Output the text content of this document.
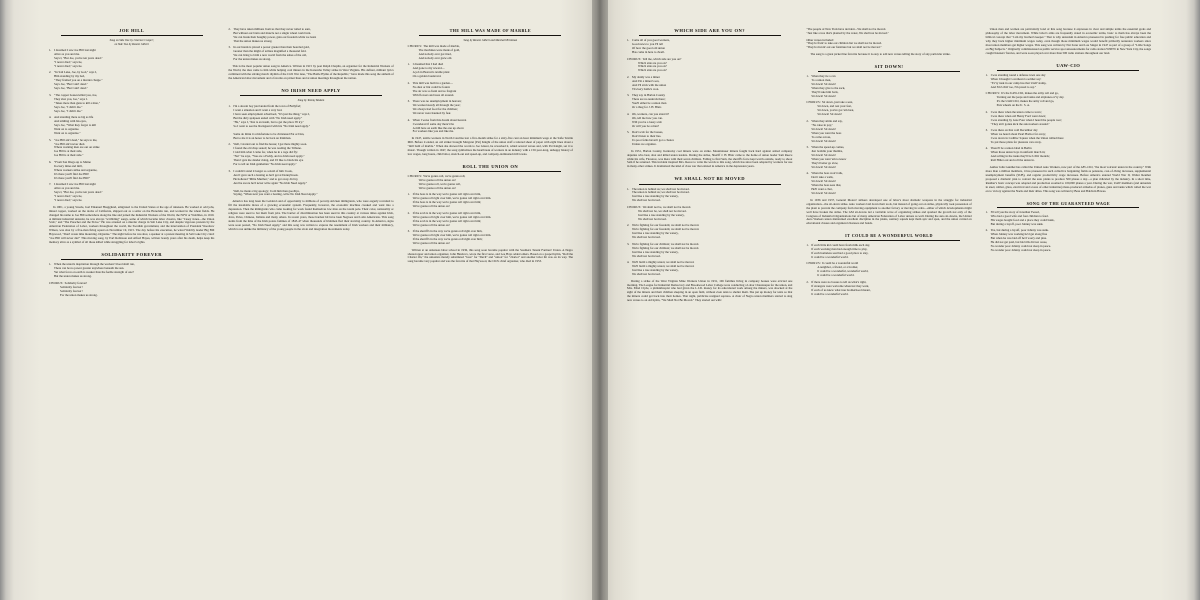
JOE HILL
Song on Side One by Clarence Cooper;
on Side Two by Ronnie Gilbert
1. I dreamed I saw Joe Hill last night
Alive as you and me.
Says I, "But Joe, you're ten years dead."
"I never died," says he,
"I never died," says he.
2. "In Salt Lake, Joe, by God," says I,
Him standing by my bed,
"They framed you on a murder charge."
Says Joe, "But I ain't dead."
Says Joe, "But I ain't dead."
3. "The copper bosses killed you, Joe,
They shot you, Joe," says I.
"Takes more than guns to kill a man,"
Says Joe, "I didn't die."
Says Joe, "I didn't die."
4. And standing there as big as life
And smiling with his eyes,
Says Joe, "What they forgot to kill
Went on to organize.
Went on to organize."
5. "Joe Hill ain't dead," he says to me,
"Joe Hill ain't never died.
Where working men are out on strike
Joe Hill is at their side,
Joe Hill is at their side."
6. "From San Diego up to Maine
In every mine and mill,
Where workers strike and organize,
It's there you'll find Joe Hill!
It's there you'll find Joe Hill!"
7. I dreamed I saw Joe Hill last night
Alive as you and me.
Says I, "But Joe, you're ten years dead."
"I never died," says he,
"I never died," says he.

In 1901, a young Swede, Joel Emanuel Haagglund, emigrated to the United States at the age of nineteen. He worked at odd jobs, mined copper, worked on the docks of California, shipped out as a sailor on the Honolulu run, and worked in the wheat fields. He changed his name to Joe Hill somewhere along the line and joined the Industrial Workers of the World, the IWW or Wobblies, in 1910. A militant industrial unionist, he was always "scribbling" songs, some of which became labor classics, like "Casey Jones—the Union Scab," and "The Preacher and the Slave." He was arrested on a murder charge in Salt Lake City, and despite vigorous protests by the American Federation of Labor, workers throughout the world, the Swedish government, and the intervention of President Woodrow Wilson, was shot by a five-man firing squad on November 19, 1915. The day before his execution, he wired Wobbly leader Big Bill Haywood, "Don't waste time mourning. Organize." The night before he was shot, a speaker at a protest meeting in Salt Lake City cried: "Joe Hill will never die!" This moving song, by Earl Robinson and Alfred Hayes, written twenty years after his death, helps keep his memory alive as a symbol of all those killed while struggling for labor's rights.

SOLIDARITY FOREVER
1. When the union's inspiration through the workers' blood shall run,
There can be no power greater anywhere beneath the sun.
Yet what force on earth is weaker than the feeble strength of one?
But the union makes us strong.
CHORUS: Solidarity forever!
Solidarity forever!
Solidarity forever!
For the union makes us strong.
2. They have taken millions from us that they never toiled to earn,
But without our brain and muscle not a single wheel could turn.
We can break their haughty power, gain our freedom while we learn
That the union makes us strong.
3. In our hands is placed a power greater than their hoarded gold,
Greater than the might of armies magnified a thousand fold.
We can bring to birth a new world from the ashes of the old,
For the union makes us strong.

This is the most popular union song in America. Written in 1915 by poet Ralph Chaplin, an organizer for the Industrial Workers of the World, the idea came to him while helping coal miners in the Kanawha Valley strike in West Virginia. His defiant, militant lyrics combined with the stirring march rhythm of the Civil War tune, "The Battle Hymn of the Republic," have made this song the anthem of the American labor movement and a favorite on picket lines and at union meetings throughout the nation.

NO IRISH NEED APPLY
Sung by Tommy Makem
1. I'm a decent boy just landed from the town of Ballyfad;
I want a situation and I want a very bad.
I have seen employment advertised, "It's just the thing," says I,
But the dirty spalpeen ended with "No Irish need apply."
"Ha," says I, "that is an insult, but to get the place I'll try."
So I went to see the blackguard with his "No Irish need apply."

Some do think it a misfortune to be christened Pat or Dan,
But to me it is an honor to be born an Irishman.
2. Well, I started out to find the house; I got there mighty soon.
I found the old chap seated; he was reading the Tribune.
I told him what I came for, when he in a rage did fly:
"No!" he says, "You are a Paddy, and no Irish need apply."
Then I gets me dander rising, and I'd like to black his eye
For to tell an Irish gentleman "No Irish need apply."
3. I couldn't stand it longer so a-hold of him I took,
And I gave such a beating as he'd get at Donnybrook.
He hollered "Milia Murther," and to get away did try,
And he swore he'd never write again "No Irish Need Apply."

Well, he made a big apology; I told him then goodbye,
Saying, "When next you want a beating, write No Irish Need Apply."

America has long been the Golden Land of opportunity to millions of poverty-stricken immigrants, who were eagerly recruited to fill the insatiable maws of a growing economic system. Frequently, however, the economic machine creaked and went into a depression. Then the immigrants who came looking for work found themselves low man on the totem pole. Their color, nationality or religion were used to bar them from jobs. The barrier of discrimination has been used in this country at various times against Irish, Jews, Poles, Chinese, Italians and many others. In recent years, those hardest hit have been Negroes and Latin Americans. This song stems from the time of the Irish potato famines of 1845-47 when thousands of Irishmen fled their starving country. In America, signs were soon posted, "No Irish Need Apply," and this song was written to express the resentment of Irish workers and their militancy, which is not unlike the militancy of the young people in the sit-in and integration movements today.

THE MILL WAS MADE OF MARBLE
Sung by Ronnie Gilbert and Marshall Brickman
CHORUS: The mill was made of marble,
The machines were made of gold,
And nobody ever got tired,
And nobody ever grew old.
1. I dreamed that I had died
And gone to my reward—
A job in Heaven's textile plant
On a golden boulevard.
2. This mill was built in a garden—
No dust or lint could be found.
The air was so fresh and so fragrant
With flowers and trees all around.
3. There was no unemployment in heaven;
We worked steady all through the year;
We always had food for the children;
We never were haunted by fear.
4. When I woke from this dream about heaven
I wondered if some day there'd be
A mill here on earth like the one up above
For workers like you and like me.

In 1947, textile workers in North Carolina lost a five-month strike for a sixty-five cent an hour minimum wage at the Safie Textile Mill. Before it ended, an old striker brought Margaret (Pat) Knight of the union staff a tattered sheet of paper with eight lines about a "mill built of marble." When she showed the words to Joe Glazer, he reworked it, added several verses and, with Pat Knight, set it to music. Though written in 1947, the song symbolizes the heartbreak of workers in an industry with a 150-year-long, unhappy history of low wages, long hours, child labor, stretch-out and speed-up, and company-dominated mill towns.

ROLL THE UNION ON
CHORUS: We're gonna roll, we're gonna roll,
We're gonna roll the union on!
We're gonna roll, we're gonna roll,
We're gonna roll the union on!
1. If the boss is in the way we're gonna roll right over him,
We're gonna roll right over him, we're gonna roll right over him.
If the boss is in the way we're gonna roll right over him;
We're gonna roll the union on!
2. If the scab is in the way we're gonna roll right over him,
We're gonna roll right over him, we're gonna roll right over him.
If the scab is in the way we're gonna roll right over him;
We're gonna roll the union on!
3. If the sheriff's in the way we're gonna roll right over him,
We're gonna roll right over him, we're gonna roll right over him.
If the sheriff's in the way we're gonna roll right over him;
We're gonna roll the union on!

Written at an Arkansas labor school in 1936, this song soon became popular with the Southern Tenant Farmers' Union. A Negro sharecropper and union organizer, John Handcox, wrote the first verse, and Lee Hays added others. Based on a gospel hymn, "Roll the Chariot On," the unionists merely substituted "boss" for "Devil" and "union" for "chariot" and another labor hit was on its way. The song became very popular and was the favorite of that Haywood, the CIO's chief organizer, who died in 1953.

WHICH SIDE ARE YOU ON?
1. Come all of you good workers,
Good news to you I'll tell
Of how the good old union
Has come in here to dwell.
CHORUS: Tell me, which side are you on?
Which side are you on?
Which side are you on?
Which side are you on?
2. My daddy was a miner
And I'm a miner's son,
And I'll stick with the union
Til every battle's won.
3. They say in Harlan County
There are no neutrals there;
You'll either be a union man
Or a thug for J. H. Blair.
4. Oh, workers, can you stand it?
Oh, tell me how you can.
Will you be a lousy scab
Or will you be a man?
5. Don't scab for the bosses,
Don't listen to their lies.
Us poor folks haven't got a chance
Unless we organize.

In 1931, Harlan County, Kentucky coal miners were on strike. Mountaineer miners fought back hard against armed company deputies who beat, shot and killed union leaders. During the strike, Sheriff J. H. Blair came to the home of union leader Sam Reece while his wife, Florence, was there with their seven children. Failing to find Sam, the sheriff's force kept watch outside, ready to shoot Sam if he returned. This incident inspired Mrs. Reece to write the words to this song, which has since been adapted by workers for use in many other strikes. It dramatized the kind of class war that existed in America in the depression years.

WE SHALL NOT BE MOVED
1. The union is behind us; we shall not be moved.
The union is behind us; we shall not be moved.
Just like a tree standing by the watery,
We shall not be moved.
CHORUS: We shall not be, we shall not be moved.
We shall not be, we shall not be moved.
Just like a tree standing by the watery,
We shall not be moved.
2. We're fighting for our freedom; we shall not be moved.
We're fighting for our freedom; we shall not be moved.
Just like a tree standing by the watery,
We shall not be moved.
3. We're fighting for our children; we shall not be moved.
We're fighting for our children; we shall not be moved.
Just like a tree standing by the watery,
We shall not be moved.
4. We'll build a mighty union; we shall not be moved.
We'll build a mighty union; we shall not be moved.
Just like a tree standing by the watery,
We shall not be moved.

During a strike of the West Virginia Mine Workers Union in 1931, 106 families living in company houses were evicted one morning. The League for Industrial Democracy and Brookwood Labor College were conducting a Labor Chautauqua for the union, and Mrs. Ethel Clyde, a philanthropist who had given the L.I.D. money for its educational work among the miners, was shocked at the sight of the miners and their children sleeping in an open field, without even tents to shelter them. She put up money for tents so that the miners could get back into their homes. That night, publicize resigned soprano. A choir of Negro union members started to sing new verses to an old hymn, "We Shall Not Be Moved." They started out with:

"The people of New York have decided—We shall not be moved.
"Just like a tree that's planted by the water, We shall not be moved."
Other verses included:
"They're fixin' to take our children but we shall not be moved.
"They're movin' out our furniture but we shall not be moved."

The song is a great picket line favorite because it is easy to add new verses telling the story of any particular strike.

SIT DOWN!
1. When they tie a can
To a union man,
Sit down! Sit down!
When they give to the sack,
They'll take him back,
Sit down! Sit down!
CHORUS: Sit down, just take a seat,
Sit down, and rest your feet,
Sit down, you've got 'em beat,
Sit down! Sit down!
2. When they smile and say,
"No raise in pay,"
Sit down! Sit down!
When you want the boss
To come across,
Sit down! Sit down!
3. When the speed-up comes,
Just twiddle your thumbs,
Sit down! Sit down!
When you want 'em to know
They'd better go slow,
Sit down! Sit down!
4. When the boss won't talk,
Don't take a walk,
Sit down! Sit down!
When the boss sees that,
He'll want a chat,
Sit down! Sit down!

In 1936 and 1937, General Motors' strikers developed one of labor's most dramatic weapons in the struggle for industrial organization—the sit-down strike. Auto workers laid down their tools, but instead of going out on strike, physically took possession of the plant to prevent the company from moving equipment to another factory or moving in scabs—either of which developments might well have broken the strike. The GM sit-downs led a veritable wave of organizing strikes and sparked the growth not only of the Congress of Industrial Organizations but of many American Federation of Labor unions as well. During the auto sit-downs, the United Auto Workers union maintained excellent discipline in the plants, sanitary squads kept them spic and span, and the union carried on educational classes and organized choruses and bands.

IT COULD BE A WONDERFUL WORLD
1. If each little kid could have fresh milk each day,
If each working man had enough time to play,
If each homeless soul had a good place to stay,
It could be a wonderful world.
CHORUS: It could be a wonderful world
A neighbor, a friend, or a brother,
It could be a wonderful, wonderful world,
It could be a wonderful world.
2. If there were no bosses to tell us what's right,
If strangers were welcome wherever they went,
If each of us knew what true brotherhood meant,
It could be a wonderful world.

Union men and women are particularly fond of this song because it expresses in clear and simple terms the essential goals and philosophy of the labor movement. While labor's aims are frequently stated in economic terms, basic to them has always been the biblical concept that "I am my brother's keeper." That is why unionism in America pioneered in pushing for free public education and why they back higher minimum wages today, even though those minimum wages would benefit primarily nonunion workers since most union members get higher wages. This song was written by Nat Zarer and Lou Singer in 1947 as part of a group of "Little Songs on Big Subjects." Originally commissioned as public service spot announcements for radio station WNEW in New York City, the songs caught listeners' fancies, and were soon played over more than 500 radio stations throughout our land.

UAW-CIO
1. I was standing round a defense town one day
When I thought I overheard a soldier say:
"Ev'ry tank in our camp has that UAW stamp,
And I'm UAW too, I'm proud to say."
CHORUS: It's the UAW-CIO, makes the army roll and go,
Turning out the jeeps and tanks and airplanes ev'ry day.
It's the UAW-CIO, makes the army roll and go,
Puts wheels on the U. S. A.
2. I was there when the union came to town;
I was there when old Henry Ford went down;
I was standing by Gate Four when I heard the people roar;
"They ain't gonna kick the autoworkers around."
3. I was there on that cold December day
When we heard about Pearl Harbor far away;
I was down in Cadillac Square when the Union rallied there
To put those plans for pleasure cars away.
4. There'll be a union label in Berlin
When those union boys in uniform march in;
And rolling in the tanks they'll be UAW models;
Roll Hitler out and roll the union in.

Author John Gunther has called the United Auto Workers, now part of the AFL-CIO, "the most volcanic union in the country." With more than a million members, it has pioneered in such collective bargaining fields as pensions, cost-of-living increases, supplemental unemployment benefits (SUB), and regular productivity wage increases. Before America entered World War II, Walter Reuther proposed a dramatic plan to convert the auto plants to produce 500 planes a day—a plan ridiculed by the industry. In a short time, Reuther's basic concept was adopted and production zoomed to 100,000 planes a year. During the war, UAW members (and unionists in steel, rubber, glass, electrical and scores of other industries) mass-produced armadas of planes, guns and tanks which rolled the war on to victory against the Nazis and their allies. This song was written by Bess and Baldwin Hawes.

SONG OF THE GUARANTEED WAGE
1. I'll tell you the story of Jonathan Tweed,
Who had a good wife and four children to feed.
His wages bought food and a place they could bunk,
But during a layoff, poor Johnny was sunk.
2. Yes, but during a layoff, poor Johnny was sunk.
When Johnny was working he'd get along fine
But when he was laid off he'd worry and pine.
He did not get paid, but his bills did not cease,
No wonder poor Johnny could not sleep in peace.
No wonder poor Johnny could not sleep in peace.
